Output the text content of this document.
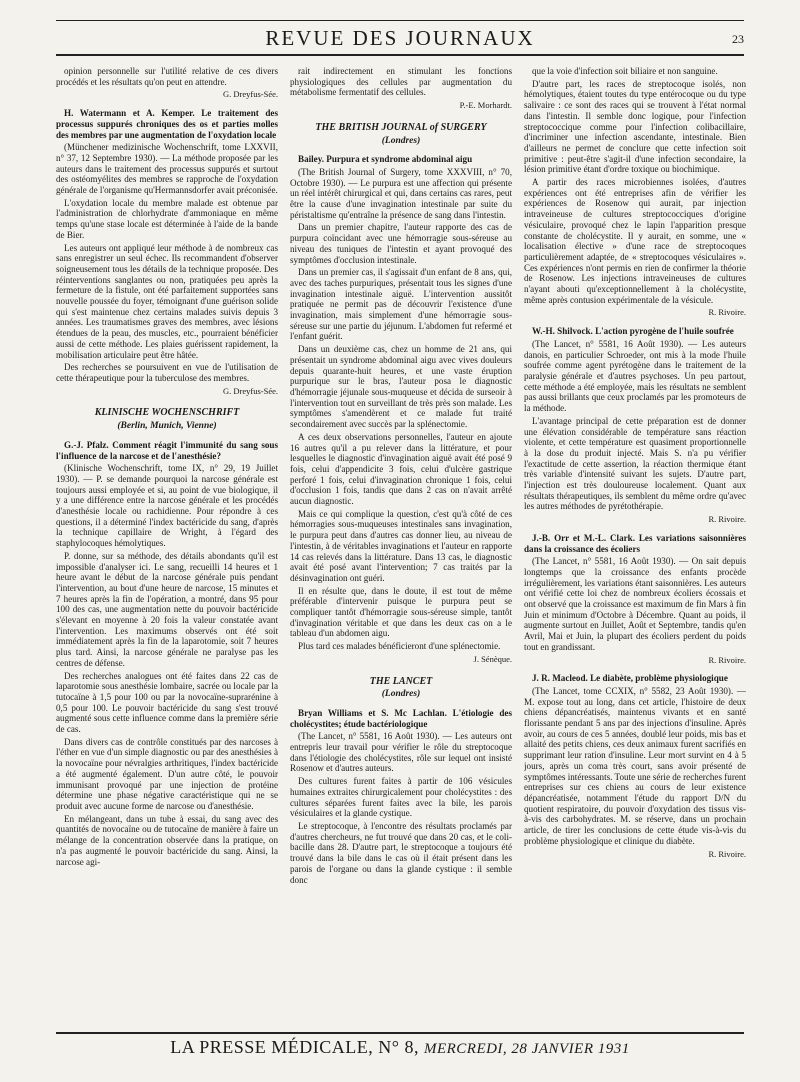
REVUE DES JOURNAUX	23

opinion personnelle sur l'utilité relative de ces divers procédés et les résultats qu'on peut en attendre.

G. Dreyfus-Sée.

H. Watermann et A. Kemper. Le traitement des processus suppurés chroniques des os et parties molles des membres par une augmentation de l'oxydation locale

(Münchener medizinische Wochenschrift, tome LXXVII, n° 37, 12 Septembre 1930). — La méthode proposée par les auteurs dans le traitement des processus suppurés et surtout des ostéomyélites des membres se rapproche de l'oxydation générale de l'organisme qu'Hermannsdorfer avait préconisée.

L'oxydation locale du membre malade est obtenue par l'administration de chlorhydrate d'ammoniaque en même temps qu'une stase locale est déterminée à l'aide de la bande de Bier.

Les auteurs ont appliqué leur méthode à de nombreux cas sans enregistrer un seul échec. Ils recommandent d'observer soigneusement tous les détails de la technique proposée. Des réinterventions sanglantes ou non, pratiquées peu après la fermeture de la fistule, ont été parfaitement supportées sans nouvelle poussée du foyer, témoignant d'une guérison solide qui s'est maintenue chez certains malades suivis depuis 3 années. Les traumatismes graves des membres, avec lésions étendues de la peau, des muscles, etc., pourraient bénéficier aussi de cette méthode. Les plaies guérissent rapidement, la mobilisation articulaire peut être hâtée.

Des recherches se poursuivent en vue de l'utilisation de cette thérapeutique pour la tuberculose des membres.

G. Dreyfus-Sée.
KLINISCHE WOCHENSCHRIFT
(Berlin, Munich, Vienne)

G.-J. Pfalz. Comment réagit l'immunité du sang sous l'influence de la narcose et de l'anesthésie?

(Klinische Wochenschrift, tome IX, n° 29, 19 Juillet 1930). — P. se demande pourquoi la narcose générale est toujours aussi employée et si, au point de vue biologique, il y a une différence entre la narcose générale et les procédés d'anesthésie locale ou rachidienne. Pour répondre à ces questions, il a déterminé l'index bactéricide du sang, d'après la technique capillaire de Wright, à l'égard des staphylocoques hémolytiques.

P. donne, sur sa méthode, des détails abondants qu'il est impossible d'analyser ici. Le sang, recueilli 14 heures et 1 heure avant le début de la narcose générale puis pendant l'intervention, au bout d'une heure de narcose, 15 minutes et 7 heures après la fin de l'opération, a montré, dans 95 pour 100 des cas, une augmentation nette du pouvoir bactéricide s'élevant en moyenne à 20 fois la valeur constatée avant l'intervention. Les maximums observés ont été soit immédiatement après la fin de la laparotomie, soit 7 heures plus tard. Ainsi, la narcose générale ne paralyse pas les centres de défense.

Des recherches analogues ont été faites dans 22 cas de laparotomie sous anesthésie lombaire, sacrée ou locale par la tutocaïne à 1,5 pour 100 ou par la novocaïne-suprarénine à 0,5 pour 100. Le pouvoir bactéricide du sang s'est trouvé augmenté sous cette influence comme dans la première série de cas.

Dans divers cas de contrôle constitués par des narcoses à l'éther en vue d'un simple diagnostic ou par des anesthésies à la novocaïne pour névralgies arthritiques, l'index bactéricide a été augmenté également. D'un autre côté, le pouvoir immunisant provoqué par une injection de protéine détermine une phase négative caractéristique qui ne se produit avec aucune forme de narcose ou d'anesthésie.

En mélangeant, dans un tube à essai, du sang avec des quantités de novocaïne ou de tutocaïne de manière à faire un mélange de la concentration observée dans la pratique, on n'a pas augmenté le pouvoir bactéricide du sang. Ainsi, la narcose agi-

rait indirectement en stimulant les fonctions physiologiques des cellules par augmentation du métabolisme fermentatif des cellules.

P.-E. Morhardt.
THE BRITISH JOURNAL of SURGERY
(Londres)

Bailey. Purpura et syndrome abdominal aigu

(The British Journal of Surgery, tome XXXVIII, n° 70, Octobre 1930). — Le purpura est une affection qui présente un réel intérêt chirurgical et qui, dans certains cas rares, peut être la cause d'une invagination intestinale par suite du péristaltisme qu'entraîne la présence de sang dans l'intestin.

Dans un premier chapitre, l'auteur rapporte des cas de purpura coïncidant avec une hémorragie sous-séreuse au niveau des tuniques de l'intestin et ayant provoqué des symptômes d'occlusion intestinale.

Dans un premier cas, il s'agissait d'un enfant de 8 ans, qui, avec des taches purpuriques, présentait tous les signes d'une invagination intestinale aiguë. L'intervention aussitôt pratiquée ne permit pas de découvrir l'existence d'une invagination, mais simplement d'une hémorragie sous-séreuse sur une partie du jéjunum. L'abdomen fut refermé et l'enfant guérit.

Dans un deuxième cas, chez un homme de 21 ans, qui présentait un syndrome abdominal aigu avec vives douleurs depuis quarante-huit heures, et une vaste éruption purpurique sur le bras, l'auteur posa le diagnostic d'hémorragie jéjunale sous-muqueuse et décida de surseoir à l'intervention tout en surveillant de très près son malade. Les symptômes s'amendèrent et ce malade fut traité secondairement avec succès par la splénectomie.

A ces deux observations personnelles, l'auteur en ajoute 16 autres qu'il a pu relever dans la littérature, et pour lesquelles le diagnostic d'invagination aiguë avait été posé 9 fois, celui d'appendicite 3 fois, celui d'ulcère gastrique perforé 1 fois, celui d'invagination chronique 1 fois, celui d'occlusion 1 fois, tandis que dans 2 cas on n'avait arrêté aucun diagnostic.

Mais ce qui complique la question, c'est qu'à côté de ces hémorragies sous-muqueuses intestinales sans invagination, le purpura peut dans d'autres cas donner lieu, au niveau de l'intestin, à de véritables invaginations et l'auteur en rapporte 14 cas relevés dans la littérature. Dans 13 cas, le diagnostic avait été posé avant l'intervention; 7 cas traités par la désinvagination ont guéri.

Il en résulte que, dans le doute, il est tout de même préférable d'intervenir puisque le purpura peut se compliquer tantôt d'hémorragie sous-séreuse simple, tantôt d'invagination véritable et que dans les deux cas on a le tableau d'un abdomen aigu.

Plus tard ces malades bénéficieront d'une splénectomie.

J. Sénèque.
THE LANCET
(Londres)

Bryan Williams et S. Mc Lachlan. L'étiologie des cholécystites; étude bactériologique

(The Lancet, n° 5581, 16 Août 1930). — Les auteurs ont entrepris leur travail pour vérifier le rôle du streptocoque dans l'étiologie des cholécystites, rôle sur lequel ont insisté Rosenow et d'autres auteurs.

Des cultures furent faites à partir de 106 vésicules humaines extraites chirurgicalement pour cholécystites : des cultures séparées furent faites avec la bile, les parois vésiculaires et la glande cystique.

Le streptocoque, à l'encontre des résultats proclamés par d'autres chercheurs, ne fut trouvé que dans 20 cas, et le coli-bacille dans 28. D'autre part, le streptocoque a toujours été trouvé dans la bile dans le cas où il était présent dans les parois de l'organe ou dans la glande cystique : il semble donc

que la voie d'infection soit biliaire et non sanguine.

D'autre part, les races de streptocoque isolés, non hémolytiques, étaient toutes du type entérocoque ou du type salivaire : ce sont des races qui se trouvent à l'état normal dans l'intestin. Il semble donc logique, pour l'infection streptococcique comme pour l'infection colibacillaire, d'incriminer une infection ascendante, intestinale. Bien d'ailleurs ne permet de conclure que cette infection soit primitive : peut-être s'agit-il d'une infection secondaire, la lésion primitive étant d'ordre toxique ou biochimique.

A partir des races microbiennes isolées, d'autres expériences ont été entreprises afin de vérifier les expériences de Rosenow qui aurait, par injection intraveineuse de cultures streptococciques d'origine vésiculaire, provoqué chez le lapin l'apparition presque constante de cholécystite. Il y aurait, en somme, une « localisation élective » d'une race de streptocoques particulièrement adaptée, de « streptocoques vésiculaires ». Ces expériences n'ont permis en rien de confirmer la théorie de Rosenow. Les injections intraveineuses de cultures n'ayant abouti qu'exceptionnellement à la cholécystite, même après contusion expérimentale de la vésicule.

R. Rivoire.

W.-H. Shilvock. L'action pyrogène de l'huile soufrée

(The Lancet, n° 5581, 16 Août 1930). — Les auteurs danois, en particulier Schroeder, ont mis à la mode l'huile soufrée comme agent pyrétogène dans le traitement de la paralysie générale et d'autres psychoses. Un peu partout, cette méthode a été employée, mais les résultats ne semblent pas aussi brillants que ceux proclamés par les promoteurs de la méthode.

L'avantage principal de cette préparation est de donner une élévation considérable de température sans réaction violente, et cette température est quasiment proportionnelle à la dose du produit injecté. Mais S. n'a pu vérifier l'exactitude de cette assertion, la réaction thermique étant très variable d'intensité suivant les sujets. D'autre part, l'injection est très douloureuse localement. Quant aux résultats thérapeutiques, ils semblent du même ordre qu'avec les autres méthodes de pyrétothérapie.

R. Rivoire.

J.-B. Orr et M.-L. Clark. Les variations saisonnières dans la croissance des écoliers

(The Lancet, n° 5581, 16 Août 1930). — On sait depuis longtemps que la croissance des enfants procède irrégulièrement, les variations étant saisonnières. Les auteurs ont vérifié cette loi chez de nombreux écoliers écossais et ont observé que la croissance est maximum de fin Mars à fin Juin et minimum d'Octobre à Décembre. Quant au poids, il augmente surtout en Juillet, Août et Septembre, tandis qu'en Avril, Mai et Juin, la plupart des écoliers perdent du poids tout en grandissant.

R. Rivoire.

J. R. Macleod. Le diabète, problème physiologique

(The Lancet, tome CCXIX, n° 5582, 23 Août 1930). — M. expose tout au long, dans cet article, l'histoire de deux chiens dépancréatisés, maintenus vivants et en santé florissante pendant 5 ans par des injections d'insuline. Après avoir, au cours de ces 5 années, doublé leur poids, mis bas et allaité des petits chiens, ces deux animaux furent sacrifiés en supprimant leur ration d'insuline. Leur mort survint en 4 à 5 jours, après un coma très court, sans avoir présenté de symptômes intéressants. Toute une série de recherches furent entreprises sur ces chiens au cours de leur existence dépancréatisée, notamment l'étude du rapport D/N du quotient respiratoire, du pouvoir d'oxydation des tissus vis-à-vis des carbohydrates. M. se réserve, dans un prochain article, de tirer les conclusions de cette étude vis-à-vis du problème physiologique et clinique du diabète.

R. Rivoire.
LA PRESSE MÉDICALE, N° 8, MERCREDI, 28 JANVIER 1931
